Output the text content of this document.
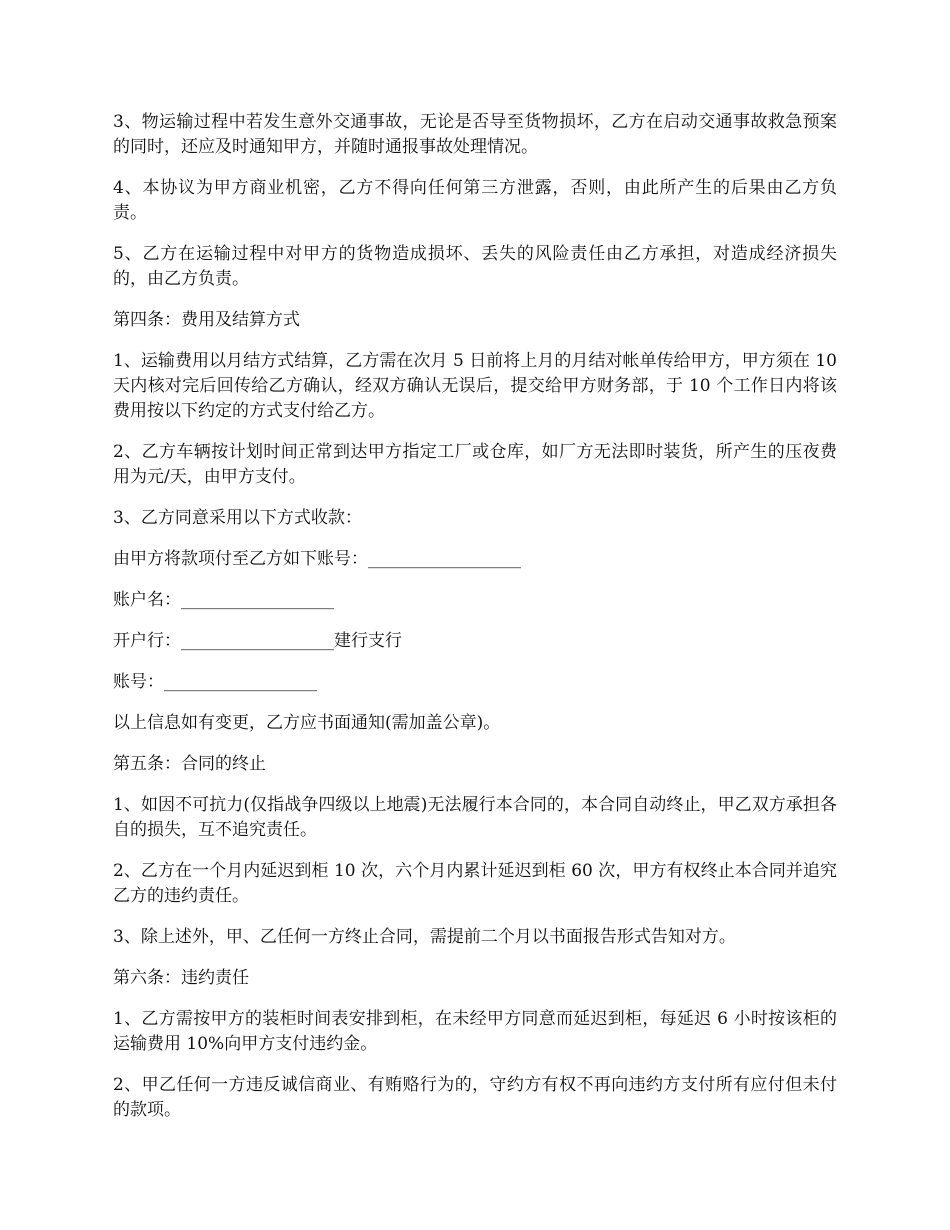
3、物运输过程中若发生意外交通事故，无论是否导至货物损坏，乙方在启动交通事故救急预案的同时，还应及时通知甲方，并随时通报事故处理情况。

4、本协议为甲方商业机密，乙方不得向任何第三方泄露，否则，由此所产生的后果由乙方负责。

5、乙方在运输过程中对甲方的货物造成损坏、丢失的风险责任由乙方承担，对造成经济损失的，由乙方负责。

第四条：费用及结算方式

1、运输费用以月结方式结算，乙方需在次月 5 日前将上月的月结对帐单传给甲方，甲方须在 10 天内核对完后回传给乙方确认，经双方确认无误后，提交给甲方财务部，于 10 个工作日内将该费用按以下约定的方式支付给乙方。

2、乙方车辆按计划时间正常到达甲方指定工厂或仓库，如厂方无法即时装货，所产生的压夜费用为元/天，由甲方支付。

3、乙方同意采用以下方式收款：

由甲方将款项付至乙方如下账号：__________________

账户名：__________________

开户行：__________________建行支行

账号：__________________

以上信息如有变更，乙方应书面通知(需加盖公章)。

第五条：合同的终止

1、如因不可抗力(仅指战争四级以上地震)无法履行本合同的，本合同自动终止，甲乙双方承担各自的损失，互不追究责任。

2、乙方在一个月内延迟到柜 10 次，六个月内累计延迟到柜 60 次，甲方有权终止本合同并追究乙方的违约责任。

3、除上述外，甲、乙任何一方终止合同，需提前二个月以书面报告形式告知对方。

第六条：违约责任

1、乙方需按甲方的装柜时间表安排到柜，在未经甲方同意而延迟到柜，每延迟 6 小时按该柜的运输费用 10%向甲方支付违约金。

2、甲乙任何一方违反诚信商业、有贿赂行为的，守约方有权不再向违约方支付所有应付但未付的款项。
